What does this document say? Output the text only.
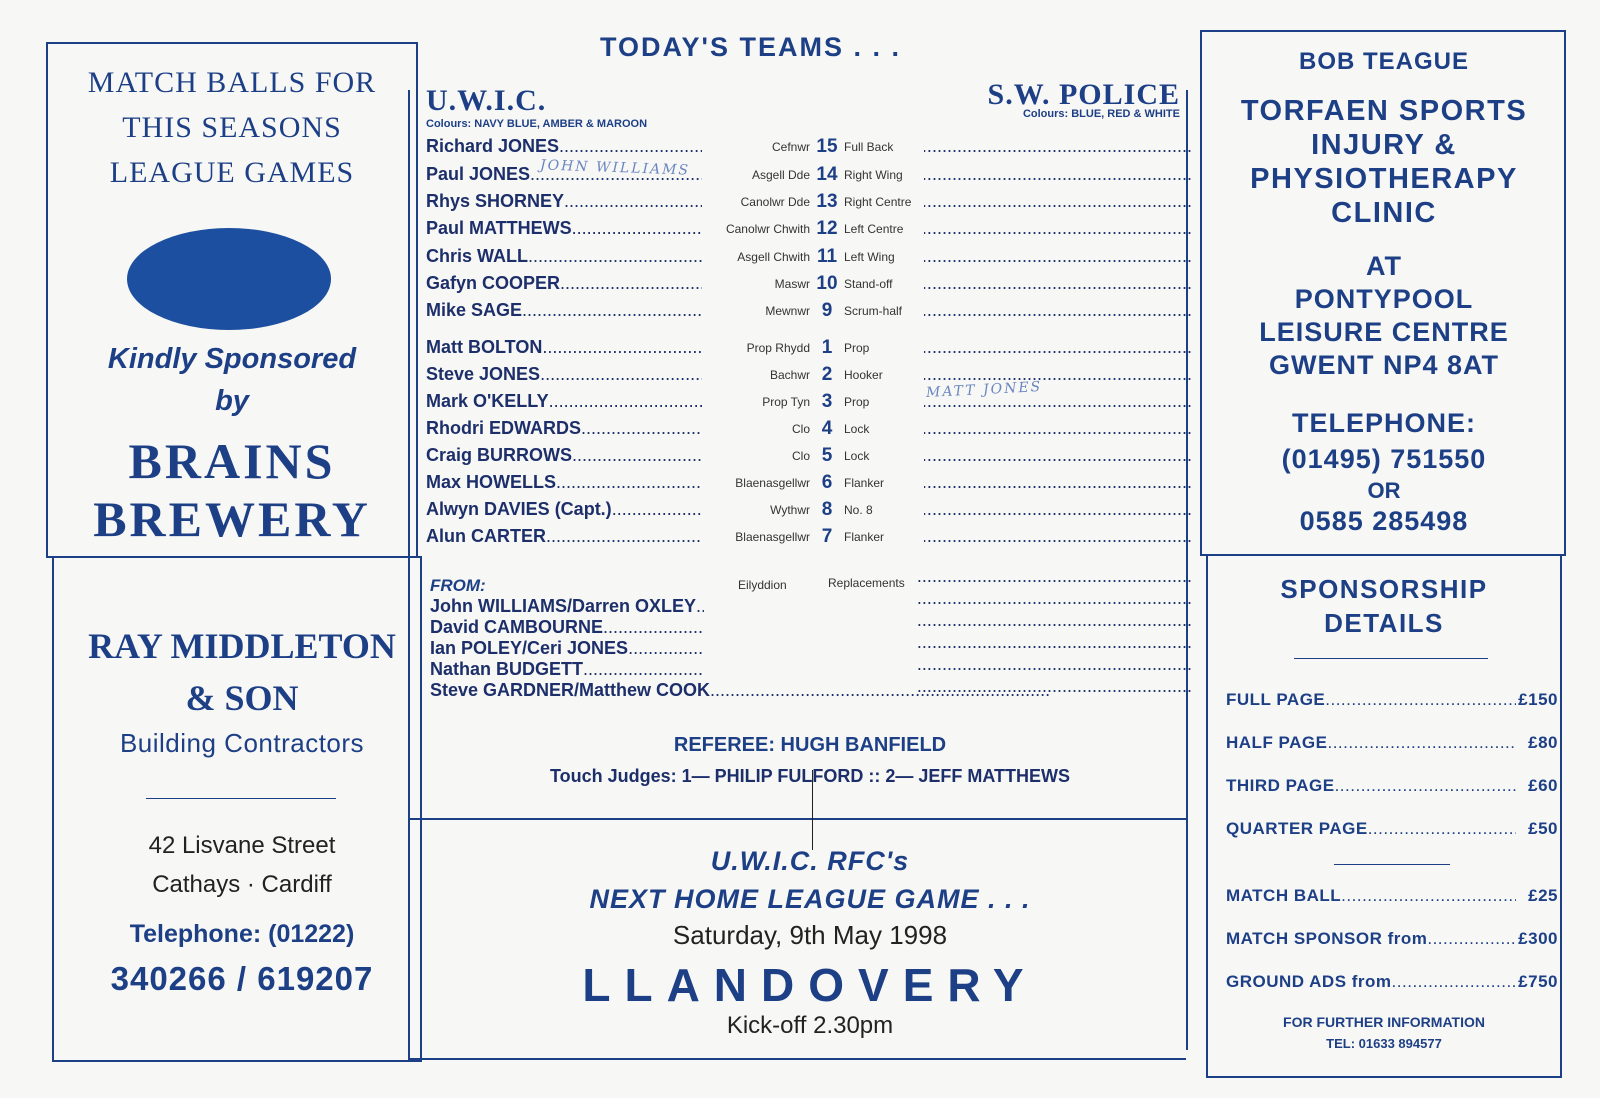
MATCH BALLS FOR
THIS SEASONS
LEAGUE GAMES
Kindly Sponsored
by
BRAINS
BREWERY
RAY MIDDLETON
& SON
Building Contractors
42 Lisvane Street
Cathays · Cardiff
Telephone: (01222)
340266 / 619207
TODAY'S TEAMS . . .
U.W.I.C.
Colours: NAVY BLUE, AMBER & MAROON
S.W. POLICE
Colours: BLUE, RED & WHITE
Richard JONES .....	Cefnwr 15 Full Back
.....
Paul JONES .....	Asgell Dde 14 Right Wing
.....
Rhys SHORNEY .....	Canolwr Dde 13 Right Centre
.....
Paul MATTHEWS .....	Canolwr Chwith 12 Left Centre
.....
Chris WALL .....	Asgell Chwith 11 Left Wing
.....
Gafyn COOPER .....	Maswr 10 Stand-off
.....
Mike SAGE .....	Mewnwr 9 Scrum-half
.....
Matt BOLTON .....	Prop Rhydd 1 Prop
.....
Steve JONES .....	Bachwr 2 Hooker
.....
Mark O'KELLY .....	Prop Tyn 3 Prop
.....
Rhodri EDWARDS .....	Clo 4 Lock
.....
Craig BURROWS .....	Clo 5 Lock
.....
Max HOWELLS .....	Blaenasgellwr 6 Flanker
.....
Alwyn DAVIES (Capt.) .....	Wythwr 8 No. 8
.....
Alun CARTER .....	Blaenasgellwr 7 Flanker
.....
JOHN WILLIAMS
MATT JONES
FROM:	Eilyddion	Replacements
John WILLIAMS/Darren OXLEY .....
David CAMBOURNE .....
Ian POLEY/Ceri JONES .....
Nathan BUDGETT .....
Steve GARDNER/Matthew COOK .....
.....
.....
.....
.....
.....
.....
REFEREE: HUGH BANFIELD
Touch Judges: 1— PHILIP FULFORD :: 2— JEFF MATTHEWS
U.W.I.C. RFC's
NEXT HOME LEAGUE GAME . . .
Saturday, 9th May 1998
LLANDOVERY
Kick-off 2.30pm
BOB TEAGUE
TORFAEN SPORTS
INJURY &
PHYSIOTHERAPY
CLINIC
AT
PONTYPOOL
LEISURE CENTRE
GWENT NP4 8AT
TELEPHONE:
(01495) 751550
OR
0585 285498
SPONSORSHIP
DETAILS
FULL PAGE .....	£150
HALF PAGE .....	£80
THIRD PAGE .....	£60
QUARTER PAGE .....	£50
MATCH BALL .....	£25
MATCH SPONSOR from .....	£300
GROUND ADS from .....	£750
FOR FURTHER INFORMATION
TEL: 01633 894577
